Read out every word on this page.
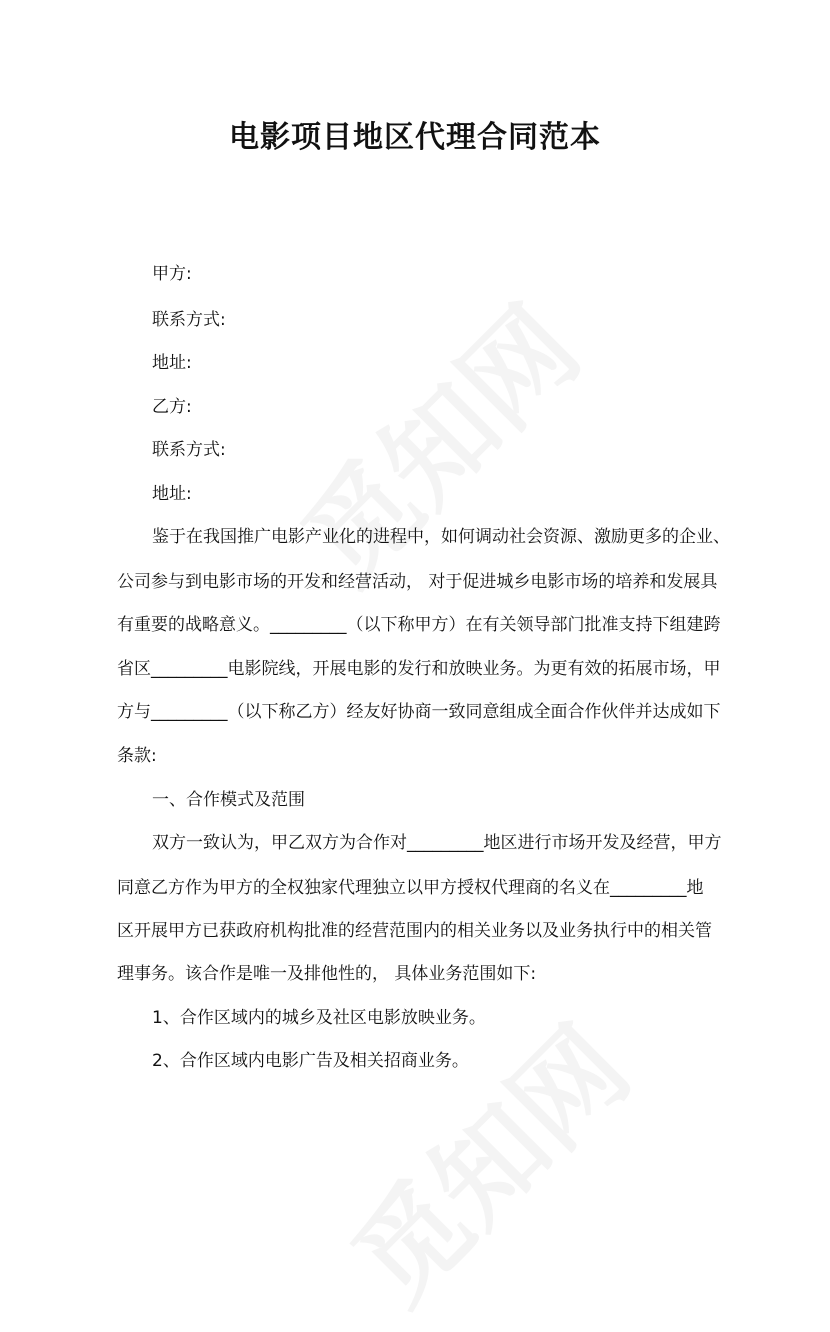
电影项目地区代理合同范本
甲方:
联系方式:
地址:
乙方:
联系方式:
地址:
鉴于在我国推广电影产业化的进程中，如何调动社会资源、激励更多的企业、
公司参与到电影市场的开发和经营活动， 对于促进城乡电影市场的培养和发展具
有重要的战略意义。_________（以下称甲方）在有关领导部门批准支持下组建跨
省区_________电影院线，开展电影的发行和放映业务。为更有效的拓展市场，甲
方与_________（以下称乙方）经友好协商一致同意组成全面合作伙伴并达成如下
条款:
一、合作模式及范围
双方一致认为，甲乙双方为合作对_________地区进行市场开发及经营，甲方
同意乙方作为甲方的全权独家代理独立以甲方授权代理商的名义在_________地
区开展甲方已获政府机构批准的经营范围内的相关业务以及业务执行中的相关管
理事务。该合作是唯一及排他性的， 具体业务范围如下:
1、合作区域内的城乡及社区电影放映业务。
2、合作区域内电影广告及相关招商业务。
